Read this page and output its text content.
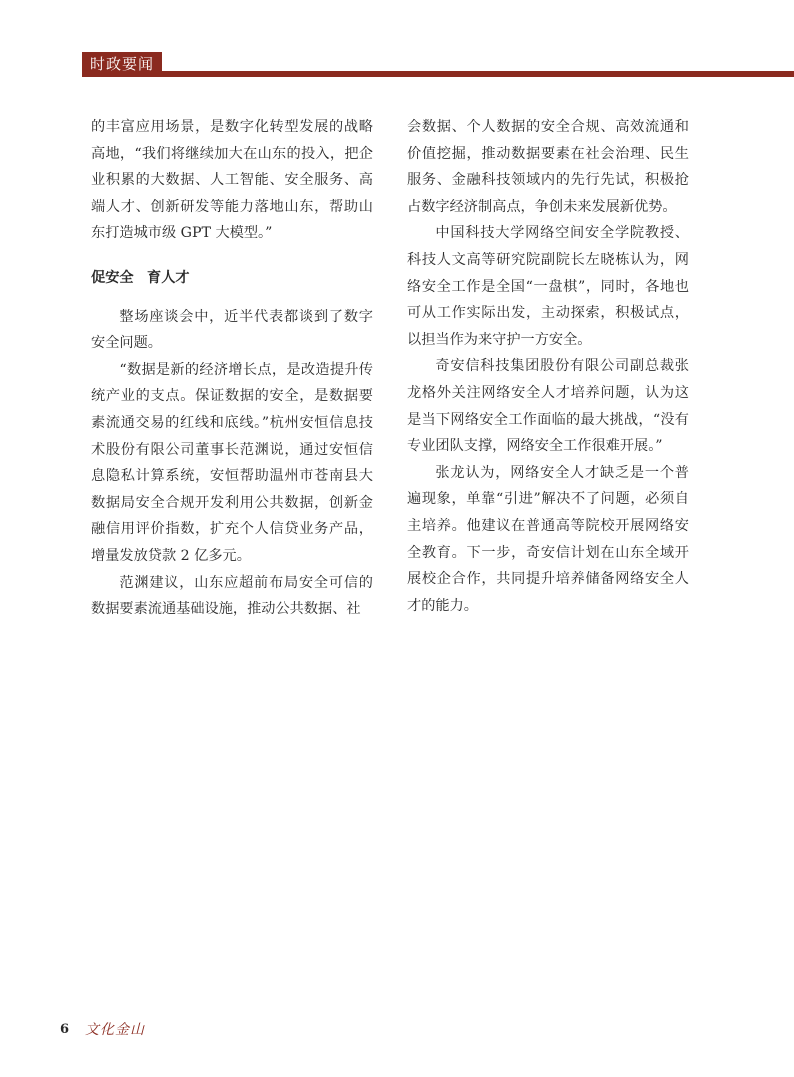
时政要闻

的丰富应用场景，是数字化转型发展的战略高地，“我们将继续加大在山东的投入，把企业积累的大数据、人工智能、安全服务、高端人才、创新研发等能力落地山东，帮助山东打造城市级 GPT 大模型。”

促安全 育人才

整场座谈会中，近半代表都谈到了数字安全问题。

“数据是新的经济增长点，是改造提升传统产业的支点。保证数据的安全，是数据要素流通交易的红线和底线。”杭州安恒信息技术股份有限公司董事长范渊说，通过安恒信息隐私计算系统，安恒帮助温州市苍南县大数据局安全合规开发利用公共数据，创新金融信用评价指数，扩充个人信贷业务产品，增量发放贷款 2 亿多元。

范渊建议，山东应超前布局安全可信的数据要素流通基础设施，推动公共数据、社

会数据、个人数据的安全合规、高效流通和价值挖掘，推动数据要素在社会治理、民生服务、金融科技领域内的先行先试，积极抢占数字经济制高点，争创未来发展新优势。

中国科技大学网络空间安全学院教授、科技人文高等研究院副院长左晓栋认为，网络安全工作是全国“一盘棋”，同时，各地也可从工作实际出发，主动探索，积极试点，以担当作为来守护一方安全。

奇安信科技集团股份有限公司副总裁张龙格外关注网络安全人才培养问题，认为这是当下网络安全工作面临的最大挑战，“没有专业团队支撑，网络安全工作很难开展。”

张龙认为，网络安全人才缺乏是一个普遍现象，单靠“引进”解决不了问题，必须自主培养。他建议在普通高等院校开展网络安全教育。下一步，奇安信计划在山东全域开展校企合作，共同提升培养储备网络安全人才的能力。

6 文化金山
